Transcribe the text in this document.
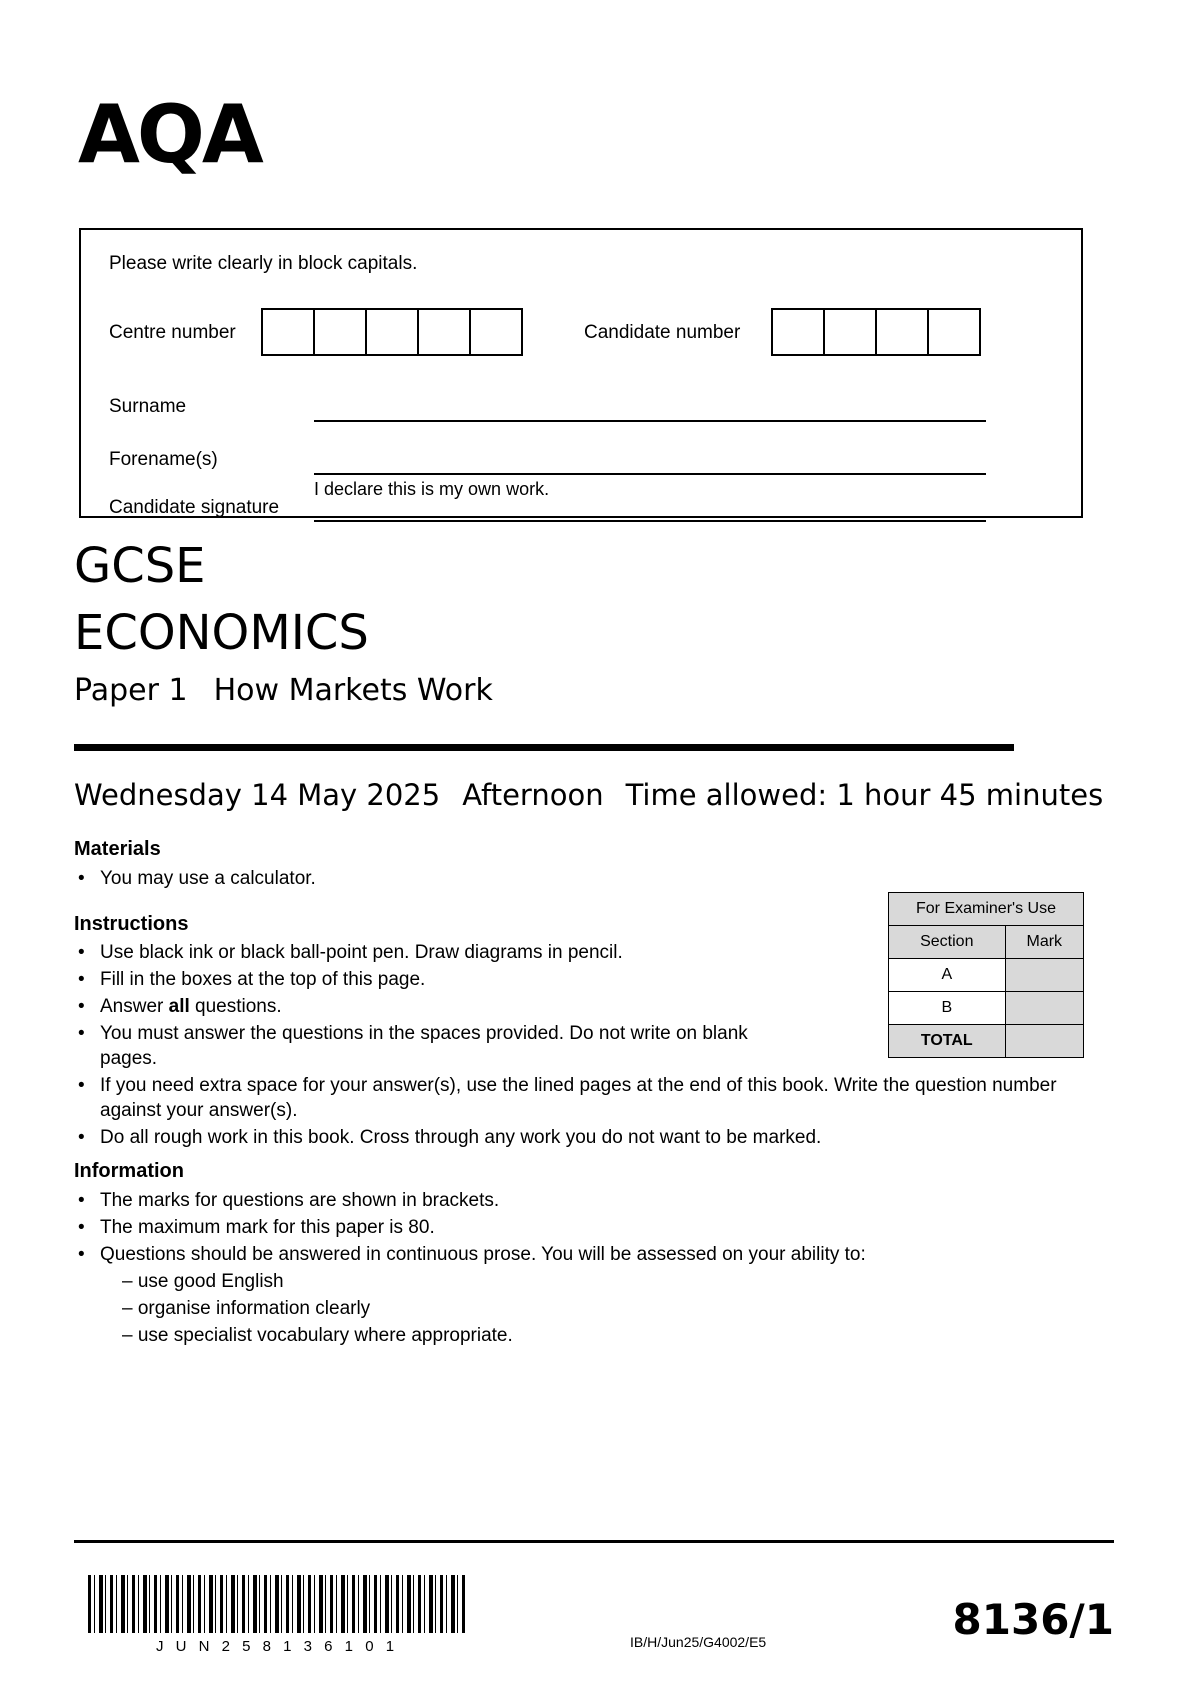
AQA
Please write clearly in block capitals.
Centre number	Candidate number
Surname
Forename(s)
Candidate signature
I declare this is my own work.
GCSE
ECONOMICS
Paper 1 How Markets Work
Wednesday 14 May 2025 Afternoon Time allowed: 1 hour 45 minutes
Materials
• You may use a calculator.
Instructions
• Use black ink or black ball-point pen. Draw diagrams in pencil.
• Fill in the boxes at the top of this page.
• Answer all questions.
• You must answer the questions in the spaces provided. Do not write on blank pages.
• If you need extra space for your answer(s), use the lined pages at the end of this book. Write the question number against your answer(s).
• Do all rough work in this book. Cross through any work you do not want to be marked.
Information
• The marks for questions are shown in brackets.
• The maximum mark for this paper is 80.
• Questions should be answered in continuous prose. You will be assessed on your ability to:
– use good English
– organise information clearly
– use specialist vocabulary where appropriate.
For Examiner's Use	
Section	Mark
A	
B	
TOTAL	
J U N 2 5 8 1 3 6 1 0 1	IB/H/Jun25/G4002/E5	8136/1
